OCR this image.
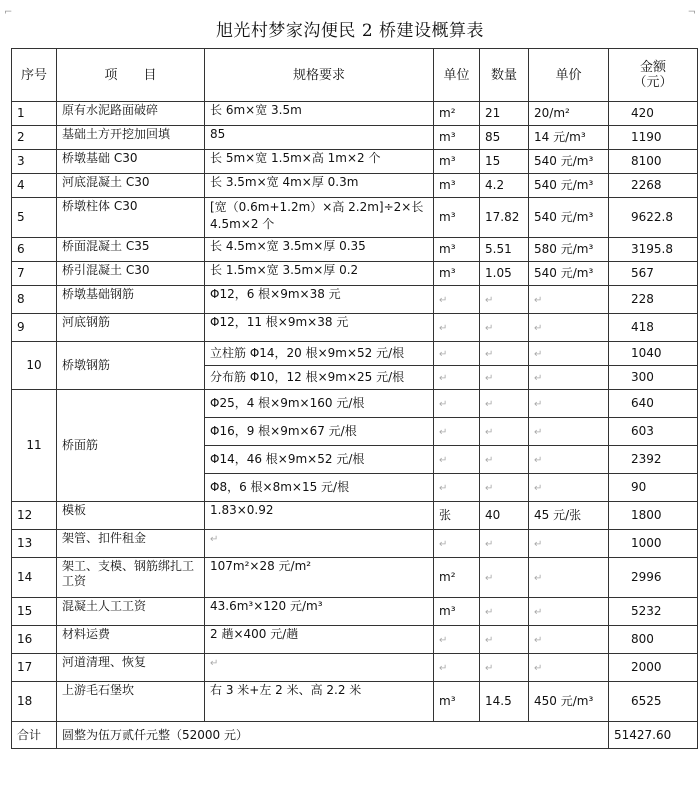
旭光村梦家沟便民 2 桥建设概算表
⌐	¬
序号	项　　目	规格要求	单位	数量	单价	金额（元）
1	原有水泥路面破碎	长 6m×宽 3.5m	m²	21	20/m²	420
2	基础土方开挖加回填	85	m³	85	14 元/m³	1190
3	桥墩基础 C30	长 5m×宽 1.5m×高 1m×2 个	m³	15	540 元/m³	8100
4	河底混凝土 C30	长 3.5m×宽 4m×厚 0.3m	m³	4.2	540 元/m³	2268
5	桥墩柱体 C30	[宽（0.6m+1.2m）×高 2.2m]÷2×长 4.5m×2 个	m³	17.82	540 元/m³	9622.8
6	桥面混凝土 C35	长 4.5m×宽 3.5m×厚 0.35	m³	5.51	580 元/m³	3195.8
7	桥引混凝土 C30	长 1.5m×宽 3.5m×厚 0.2	m³	1.05	540 元/m³	567
8	桥墩基础钢筋	Φ12，6 根×9m×38 元	↵	↵	↵	228
9	河底钢筋	Φ12，11 根×9m×38 元	↵	↵	↵	418
10	桥墩钢筋	立柱筋 Φ14，20 根×9m×52 元/根	↵	↵	↵	1040
		分布筋 Φ10，12 根×9m×25 元/根	↵	↵	↵	300
11	桥面筋	Φ25，4 根×9m×160 元/根	↵	↵	↵	640
		Φ16，9 根×9m×67 元/根	↵	↵	↵	603
		Φ14，46 根×9m×52 元/根	↵	↵	↵	2392
		Φ8，6 根×8m×15 元/根	↵	↵	↵	90
12	模板	1.83×0.92	张	40	45 元/张	1800
13	架管、扣件租金	↵	↵	↵	↵	1000
14	架工、支模、钢筋绑扎工工资	107m²×28 元/m²	m²	↵	↵	2996
15	混凝土人工工资	43.6m³×120 元/m³	m³	↵	↵	5232
16	材料运费	2 趟×400 元/趟	↵	↵	↵	800
17	河道清理、恢复	↵	↵	↵	↵	2000
18	上游毛石堡坎	右 3 米+左 2 米、高 2.2 米	m³	14.5	450 元/m³	6525
合计	圆整为伍万贰仟元整（52000 元）					51427.60
